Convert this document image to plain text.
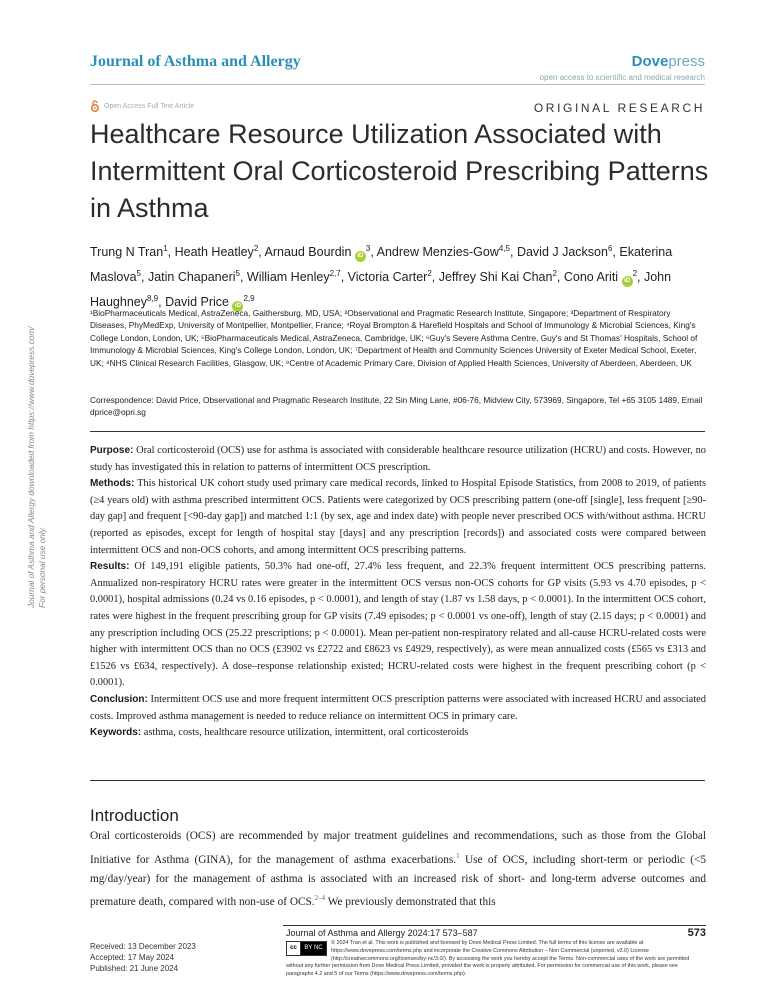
Journal of Asthma and Allergy	Dovepress
open access to scientific and medical research
Open Access Full Text Article	ORIGINAL RESEARCH
Healthcare Resource Utilization Associated with Intermittent Oral Corticosteroid Prescribing Patterns in Asthma
Trung N Tran$^1$, Heath Heatley$^2$, Arnaud Bourdin $iD^3$, Andrew Menzies-Gow$^{4,5}$, David J Jackson$^6$, Ekaterina Maslova$^5$, Jatin Chapaneri$^5$, William Henley$^{2,7}$, Victoria Carter$^2$, Jeffrey Shi Kai Chan$^2$, Cono Ariti $iD^2$, John Haughney$^{8,9}$, David Price iD$^{2,9}$
¹BioPharmaceuticals Medical, AstraZeneca, Gaithersburg, MD, USA; ²Observational and Pragmatic Research Institute, Singapore; ³Department of Respiratory Diseases, PhyMedExp, University of Montpellier, Montpellier, France; ⁴Royal Brompton & Harefield Hospitals and School of Immunology & Microbial Sciences, King's College London, London, UK; ⁵BioPharmaceuticals Medical, AstraZeneca, Cambridge, UK; ⁶Guy's Severe Asthma Centre, Guy's and St Thomas' Hospitals, School of Immunology & Microbial Sciences, King's College London, London, UK; ⁷Department of Health and Community Sciences University of Exeter Medical School, Exeter, UK; ⁸NHS Clinical Research Facilities, Glasgow, UK; ⁹Centre of Academic Primary Care, Division of Applied Health Sciences, University of Aberdeen, Aberdeen, UK
Correspondence: David Price, Observational and Pragmatic Research Institute, 22 Sin Ming Lane, #06-76, Midview City, 573969, Singapore, Tel +65 3105 1489, Email dprice@opri.sg

Purpose: Oral corticosteroid (OCS) use for asthma is associated with considerable healthcare resource utilization (HCRU) and costs. However, no study has investigated this in relation to patterns of intermittent OCS prescription.

Methods: This historical UK cohort study used primary care medical records, linked to Hospital Episode Statistics, from 2008 to 2019, of patients (≥4 years old) with asthma prescribed intermittent OCS. Patients were categorized by OCS prescribing pattern (one-off [single], less frequent [≥90-day gap] and frequent [<90-day gap]) and matched 1:1 (by sex, age and index date) with people never prescribed OCS with/without asthma. HCRU (reported as episodes, except for length of hospital stay [days] and any prescription [records]) and associated costs were compared between intermittent OCS and non-OCS cohorts, and among intermittent OCS prescribing patterns.

Results: Of 149,191 eligible patients, 50.3% had one-off, 27.4% less frequent, and 22.3% frequent intermittent OCS prescribing patterns. Annualized non-respiratory HCRU rates were greater in the intermittent OCS versus non-OCS cohorts for GP visits (5.93 vs 4.70 episodes, p < 0.0001), hospital admissions (0.24 vs 0.16 episodes, p < 0.0001), and length of stay (1.87 vs 1.58 days, p < 0.0001). In the intermittent OCS cohort, rates were highest in the frequent prescribing group for GP visits (7.49 episodes; p < 0.0001 vs one-off), length of stay (2.15 days; p < 0.0001) and any prescription including OCS (25.22 prescriptions; p < 0.0001). Mean per-patient non-respiratory related and all-cause HCRU-related costs were higher with intermittent OCS than no OCS (£3902 vs £2722 and £8623 vs £4929, respectively), as were mean annualized costs (£565 vs £313 and £1526 vs £634, respectively). A dose–response relationship existed; HCRU-related costs were highest in the frequent prescribing cohort (p < 0.0001).

Conclusion: Intermittent OCS use and more frequent intermittent OCS prescription patterns were associated with increased HCRU and associated costs. Improved asthma management is needed to reduce reliance on intermittent OCS in primary care.

Keywords: asthma, costs, healthcare resource utilization, intermittent, oral corticosteroids

Introduction
Oral corticosteroids (OCS) are recommended by major treatment guidelines and recommendations, such as those from the Global Initiative for Asthma (GINA), for the management of asthma exacerbations.$^1$ Use of OCS, including short-term or periodic (<5 mg/day/year) for the management of asthma is associated with an increased risk of short- and long-term adverse outcomes and premature death, compared with non-use of OCS.$^{2-4}$ We previously demonstrated that this
Journal of Asthma and Allergy downloaded from https://www.dovepress.com/ For personal use only.
Journal of Asthma and Allergy 2024:17 573–587	573
Received: 13 December 2023
Accepted: 17 May 2024
Published: 21 June 2024
cc	BY NC
© 2024 Tran et al. This work is published and licensed by Dove Medical Press Limited. The full terms of this license are available at https://www.dovepress.com/terms.php and incorporate the Creative Commons Attribution – Non Commercial (unported, v3.0) License (http://creativecommons.org/licenses/by-nc/3.0/). By accessing the work you hereby accept the Terms. Non-commercial uses of the work are permitted without any further permission from Dove Medical Press Limited, provided the work is properly attributed. For permission for commercial use of this work, please see paragraphs 4.2 and 5 of our Terms (https://www.dovepress.com/terms.php).
